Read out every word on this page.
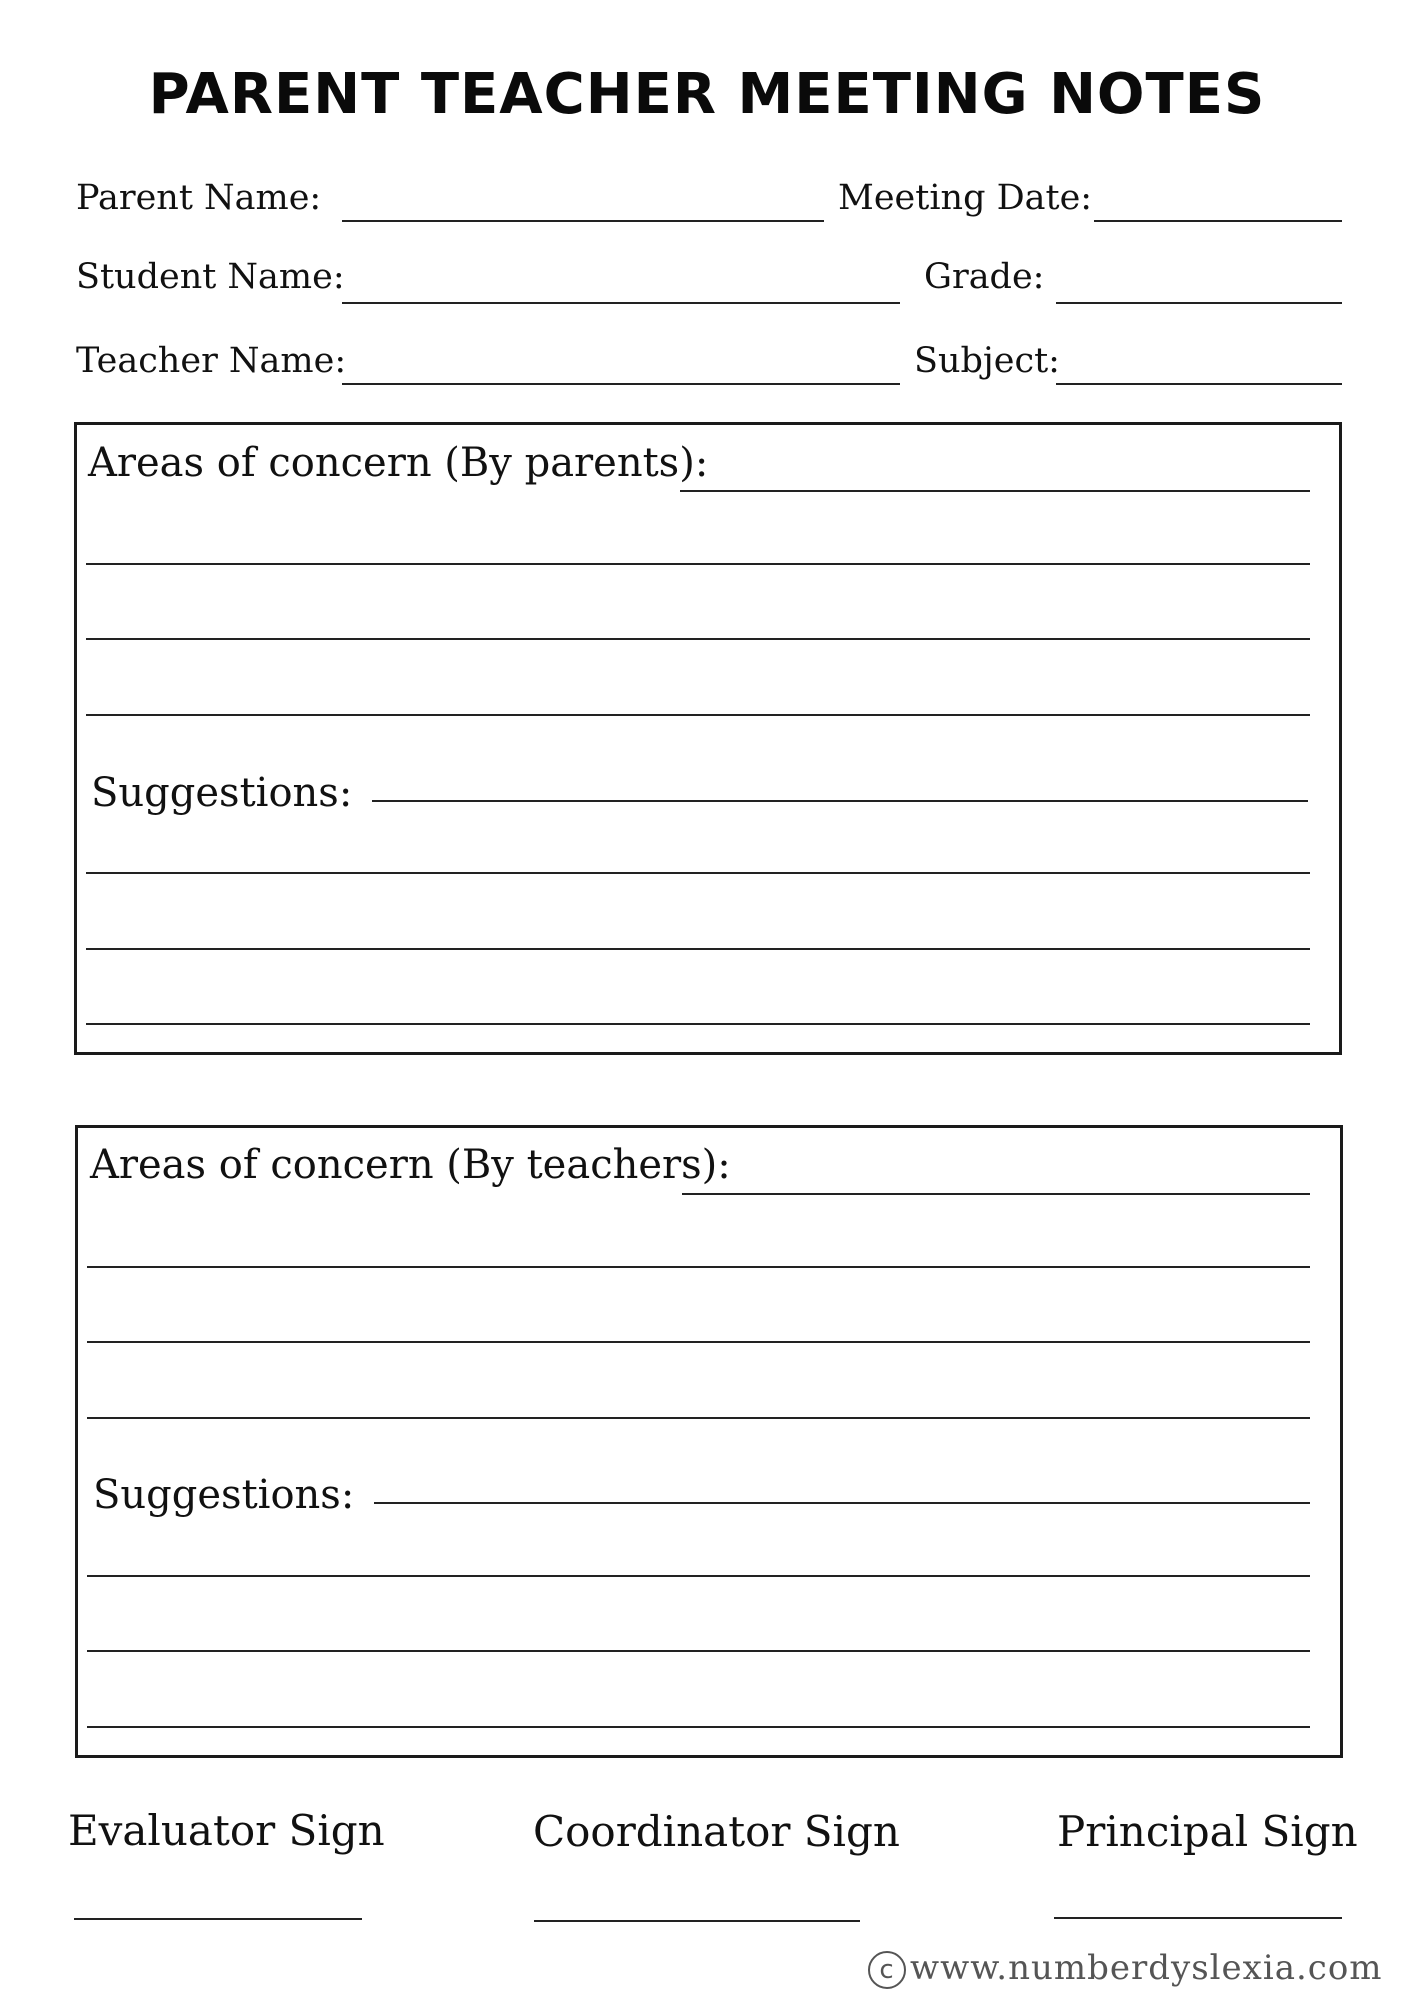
PARENT TEACHER MEETING NOTES
Parent Name:	Meeting Date:
Student Name:	Grade:
Teacher Name:	Subject:
Areas of concern (By parents):
Suggestions:
Areas of concern (By teachers):
Suggestions:
Evaluator Sign	Coordinator Sign	Principal Sign
c www.numberdyslexia.com
